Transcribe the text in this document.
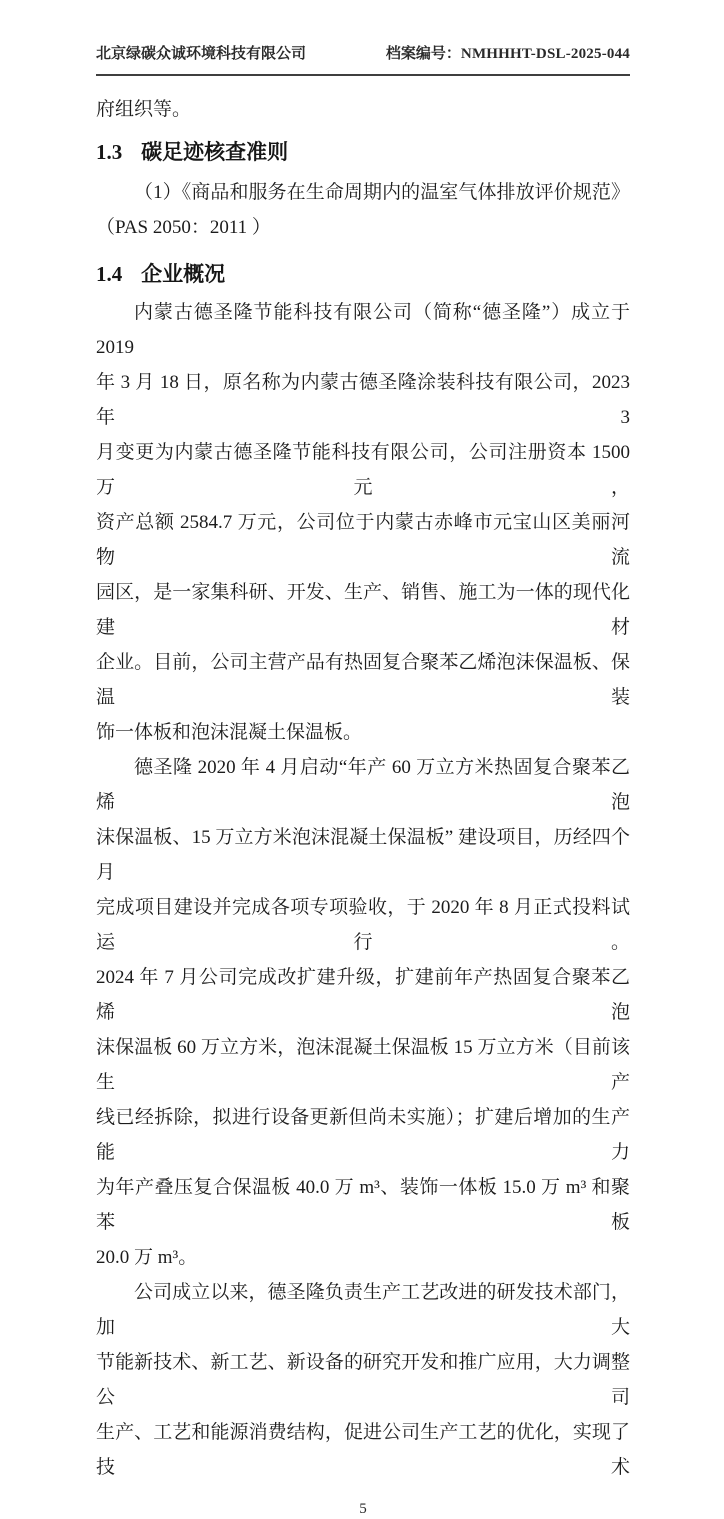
北京绿碳众诚环境科技有限公司	档案编号：NMHHHT-DSL-2025-044
府组织等。
1.3 碳足迹核查准则
（1）《商品和服务在生命周期内的温室气体排放评价规范》
（PAS 2050：2011 ）
1.4 企业概况
内蒙古德圣隆节能科技有限公司（简称“德圣隆”）成立于 2019
年 3 月 18 日，原名称为内蒙古德圣隆涂装科技有限公司，2023 年 3
月变更为内蒙古德圣隆节能科技有限公司，公司注册资本 1500 万元，
资产总额 2584.7 万元，公司位于内蒙古赤峰市元宝山区美丽河物流
园区，是一家集科研、开发、生产、销售、施工为一体的现代化建材
企业。目前，公司主营产品有热固复合聚苯乙烯泡沫保温板、保温装
饰一体板和泡沫混凝土保温板。
德圣隆 2020 年 4 月启动“年产 60 万立方米热固复合聚苯乙烯泡
沫保温板、15 万立方米泡沫混凝土保温板” 建设项目，历经四个月
完成项目建设并完成各项专项验收，于 2020 年 8 月正式投料试运行。
2024 年 7 月公司完成改扩建升级，扩建前年产热固复合聚苯乙烯泡
沫保温板 60 万立方米，泡沫混凝土保温板 15 万立方米（目前该生产
线已经拆除，拟进行设备更新但尚未实施）；扩建后增加的生产能力
为年产叠压复合保温板 40.0 万 m³、装饰一体板 15.0 万 m³ 和聚苯板
20.0 万 m³。
公司成立以来，德圣隆负责生产工艺改进的研发技术部门，加大
节能新技术、新工艺、新设备的研究开发和推广应用，大力调整公司
生产、工艺和能源消费结构，促进公司生产工艺的优化，实现了技术
5
